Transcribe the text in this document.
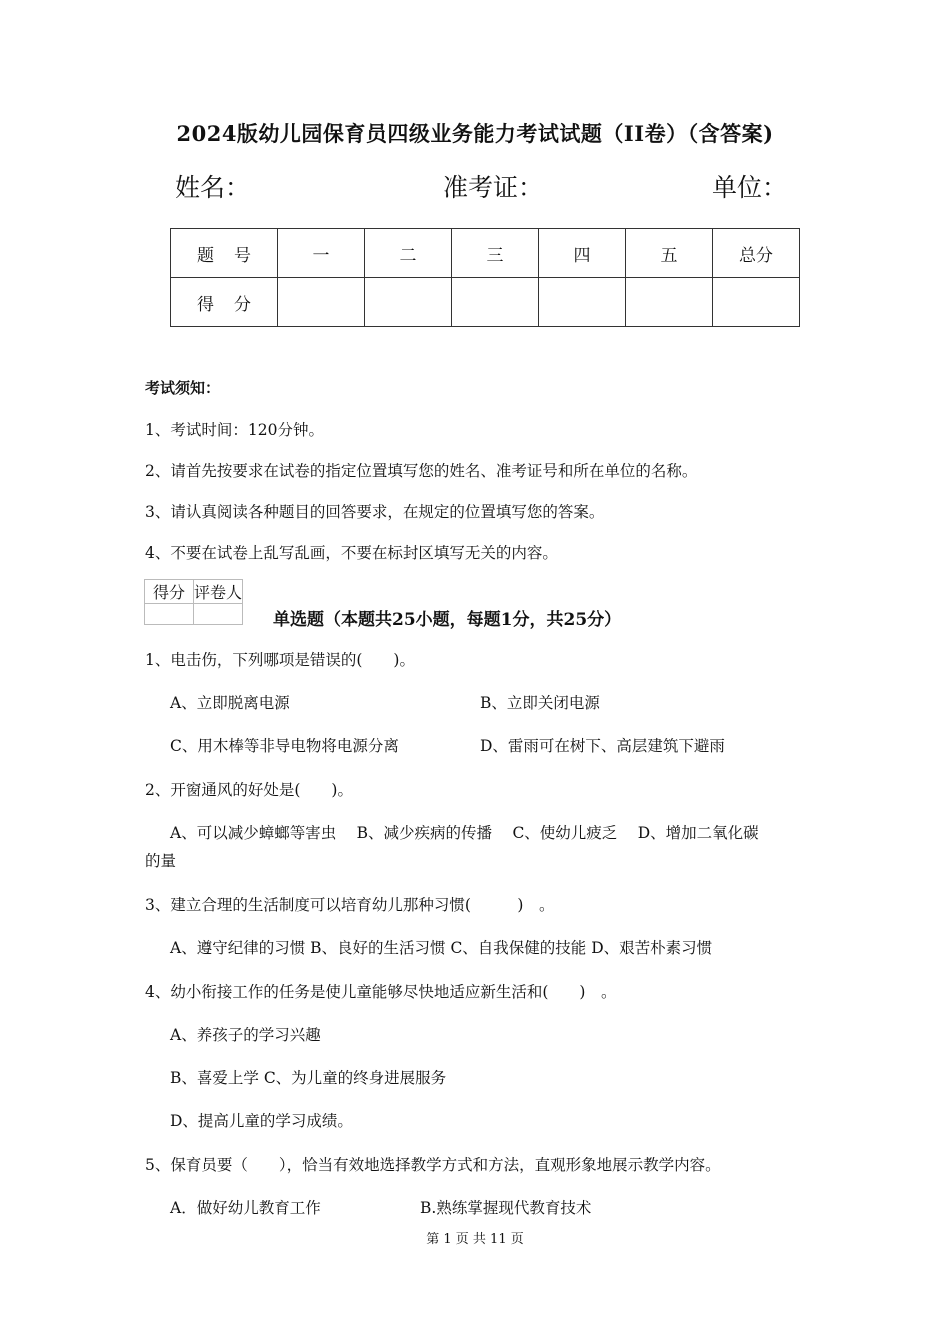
2024版幼儿园保育员四级业务能力考试试题（II卷）（含答案)
姓名：	准考证：	单位：
题号	一	二	三	四	五	总分
得分						
考试须知：
1、考试时间：120分钟。
2、请首先按要求在试卷的指定位置填写您的姓名、准考证号和所在单位的名称。
3、请认真阅读各种题目的回答要求，在规定的位置填写您的答案。
4、不要在试卷上乱写乱画，不要在标封区填写无关的内容。
得分	评卷人

单选题（本题共25小题，每题1分，共25分）
1、电击伤，下列哪项是错误的(　　)。
A、立即脱离电源	B、立即关闭电源
C、用木棒等非导电物将电源分离	D、雷雨可在树下、高层建筑下避雨
2、开窗通风的好处是(　　)。
A、可以减少蟑螂等害虫　 B、减少疾病的传播　 C、使幼儿疲乏　 D、增加二氧化碳
的量
3、建立合理的生活制度可以培育幼儿那种习惯(　　　)　。
A、遵守纪律的习惯 B、良好的生活习惯 C、自我保健的技能 D、艰苦朴素习惯
4、幼小衔接工作的任务是使儿童能够尽快地适应新生活和(　　)　。
A、养孩子的学习兴趣
B、喜爱上学 C、为儿童的终身进展服务
D、提高儿童的学习成绩。
5、保育员要（　　），恰当有效地选择教学方式和方法，直观形象地展示教学内容。
A．做好幼儿教育工作	B.熟练掌握现代教育技术
第 1 页 共 11 页
